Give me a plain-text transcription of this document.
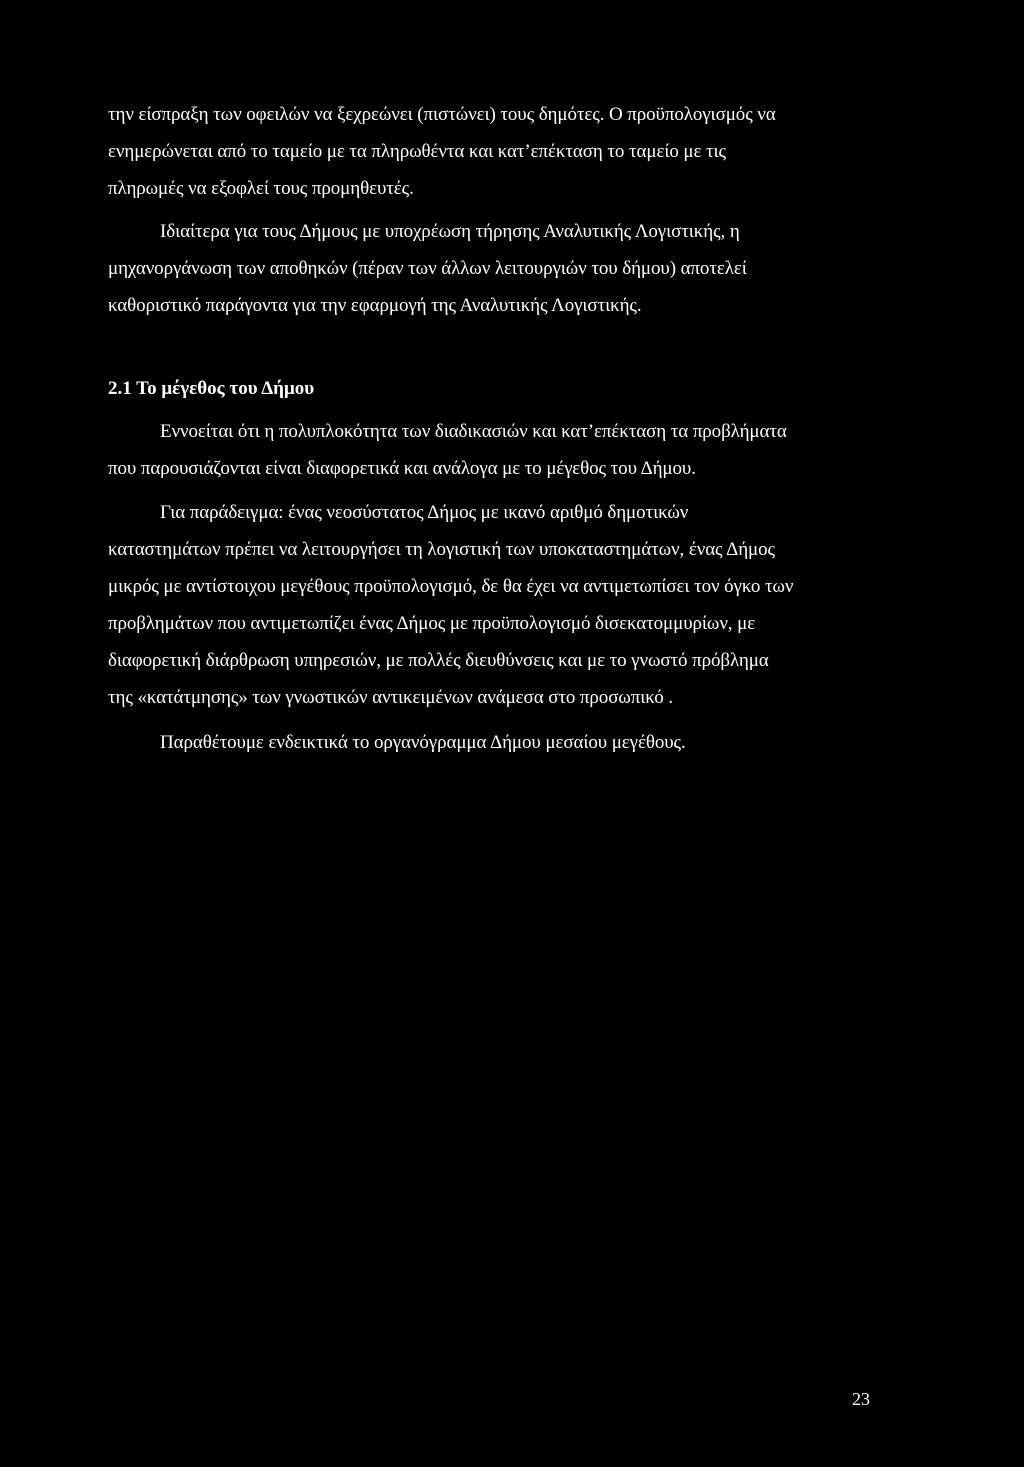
την είσπραξη των οφειλών να ξεχρεώνει (πιστώνει) τους δημότες. Ο προϋπολογισμός να
ενημερώνεται από το ταμείο με τα πληρωθέντα και κατ’επέκταση το ταμείο με τις
πληρωμές να εξοφλεί τους προμηθευτές.
Ιδιαίτερα για τους Δήμους με υποχρέωση τήρησης Αναλυτικής Λογιστικής, η
μηχανοργάνωση των αποθηκών (πέραν των άλλων λειτουργιών του δήμου) αποτελεί
καθοριστικό παράγοντα για την εφαρμογή της Αναλυτικής Λογιστικής.
2.1 Το μέγεθος του Δήμου
Εννοείται ότι η πολυπλοκότητα των διαδικασιών και κατ’επέκταση τα προβλήματα
που παρουσιάζονται είναι διαφορετικά και ανάλογα με το μέγεθος του Δήμου.
Για παράδειγμα: ένας νεοσύστατος Δήμος με ικανό αριθμό δημοτικών
καταστημάτων πρέπει να λειτουργήσει τη λογιστική των υποκαταστημάτων, ένας Δήμος
μικρός με αντίστοιχου μεγέθους προϋπολογισμό, δε θα έχει να αντιμετωπίσει τον όγκο των
προβλημάτων που αντιμετωπίζει ένας Δήμος με προϋπολογισμό δισεκατομμυρίων, με
διαφορετική διάρθρωση υπηρεσιών, με πολλές διευθύνσεις και με το γνωστό πρόβλημα
της «κατάτμησης» των γνωστικών αντικειμένων ανάμεσα στο προσωπικό .
Παραθέτουμε ενδεικτικά το οργανόγραμμα Δήμου μεσαίου μεγέθους.
23
